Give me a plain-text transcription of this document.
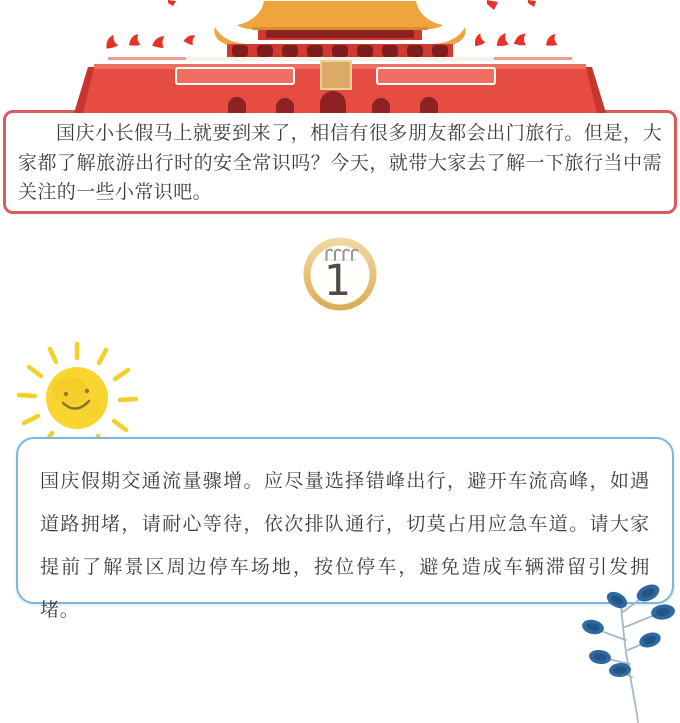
国庆小长假马上就要到来了，相信有很多朋友都会出门旅行。但是，大家都了解旅游出行时的安全常识吗？今天，就带大家去了解一下旅行当中需关注的一些小常识吧。

1

国庆假期交通流量骤增。应尽量选择错峰出行，避开车流高峰，如遇道路拥堵，请耐心等待，依次排队通行，切莫占用应急车道。请大家提前了解景区周边停车场地，按位停车，避免造成车辆滞留引发拥堵。
